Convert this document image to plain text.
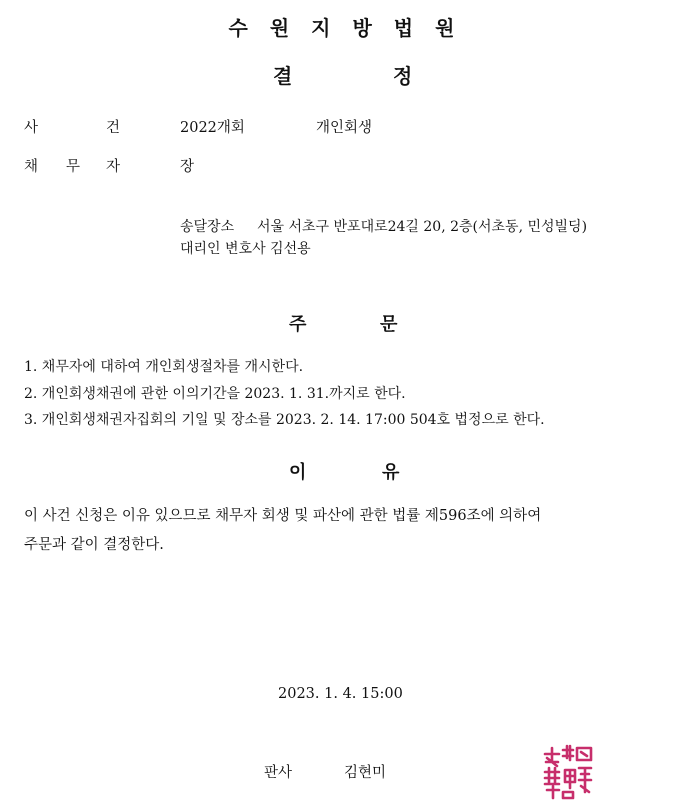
수원지방법원
결	정
사	건	2022개회	개인회생
채 무 자	장
송달장소 서울 서초구 반포대로24길 20, 2층(서초동, 민성빌딩)
대리인 변호사 김선용
주	문
1. 채무자에 대하여 개인회생절차를 개시한다.
2. 개인회생채권에 관한 이의기간을 2023. 1. 31.까지로 한다.
3. 개인회생채권자집회의 기일 및 장소를 2023. 2. 14. 17:00 504호 법정으로 한다.
이	유
이 사건 신청은 이유 있으므로 채무자 회생 및 파산에 관한 법률 제596조에 의하여
주문과 같이 결정한다.
2023. 1. 4. 15:00
판사	김현미
